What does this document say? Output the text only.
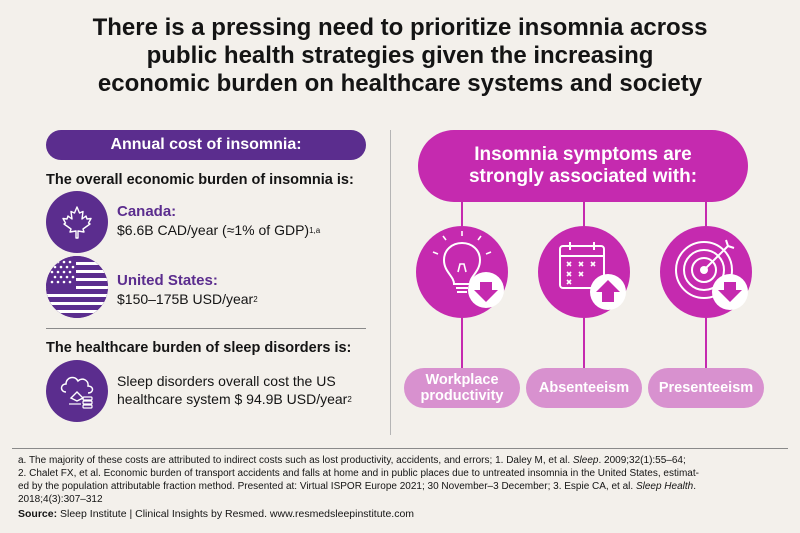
There is a pressing need to prioritize insomnia across
public health strategies given the increasing
economic burden on healthcare systems and society
Annual cost of insomnia:
The overall economic burden of insomnia is:
Canada:
$6.6B CAD/year (≈1% of GDP)$^{1,a}$
United States:
$150–175B USD/year$^2$
The healthcare burden of sleep disorders is:
Sleep disorders overall cost the US
healthcare system $ 94.9B USD/year$^2$
Insomnia symptoms are
strongly associated with:
Workplace
productivity Absenteeism Presenteeism
a. The majority of these costs are attributed to indirect costs such as lost productivity, accidents, and errors; 1. Daley M, et al. Sleep. 2009;32(1):55–64;
2. Chalet FX, et al. Economic burden of transport accidents and falls at home and in public places due to untreated insomnia in the United States, estimat-
ed by the population attributable fraction method. Presented at: Virtual ISPOR Europe 2021; 30 November–3 December; 3. Espie CA, et al. Sleep Health.
2018;4(3):307–312
Source: Sleep Institute | Clinical Insights by Resmed. www.resmedsleepinstitute.com
